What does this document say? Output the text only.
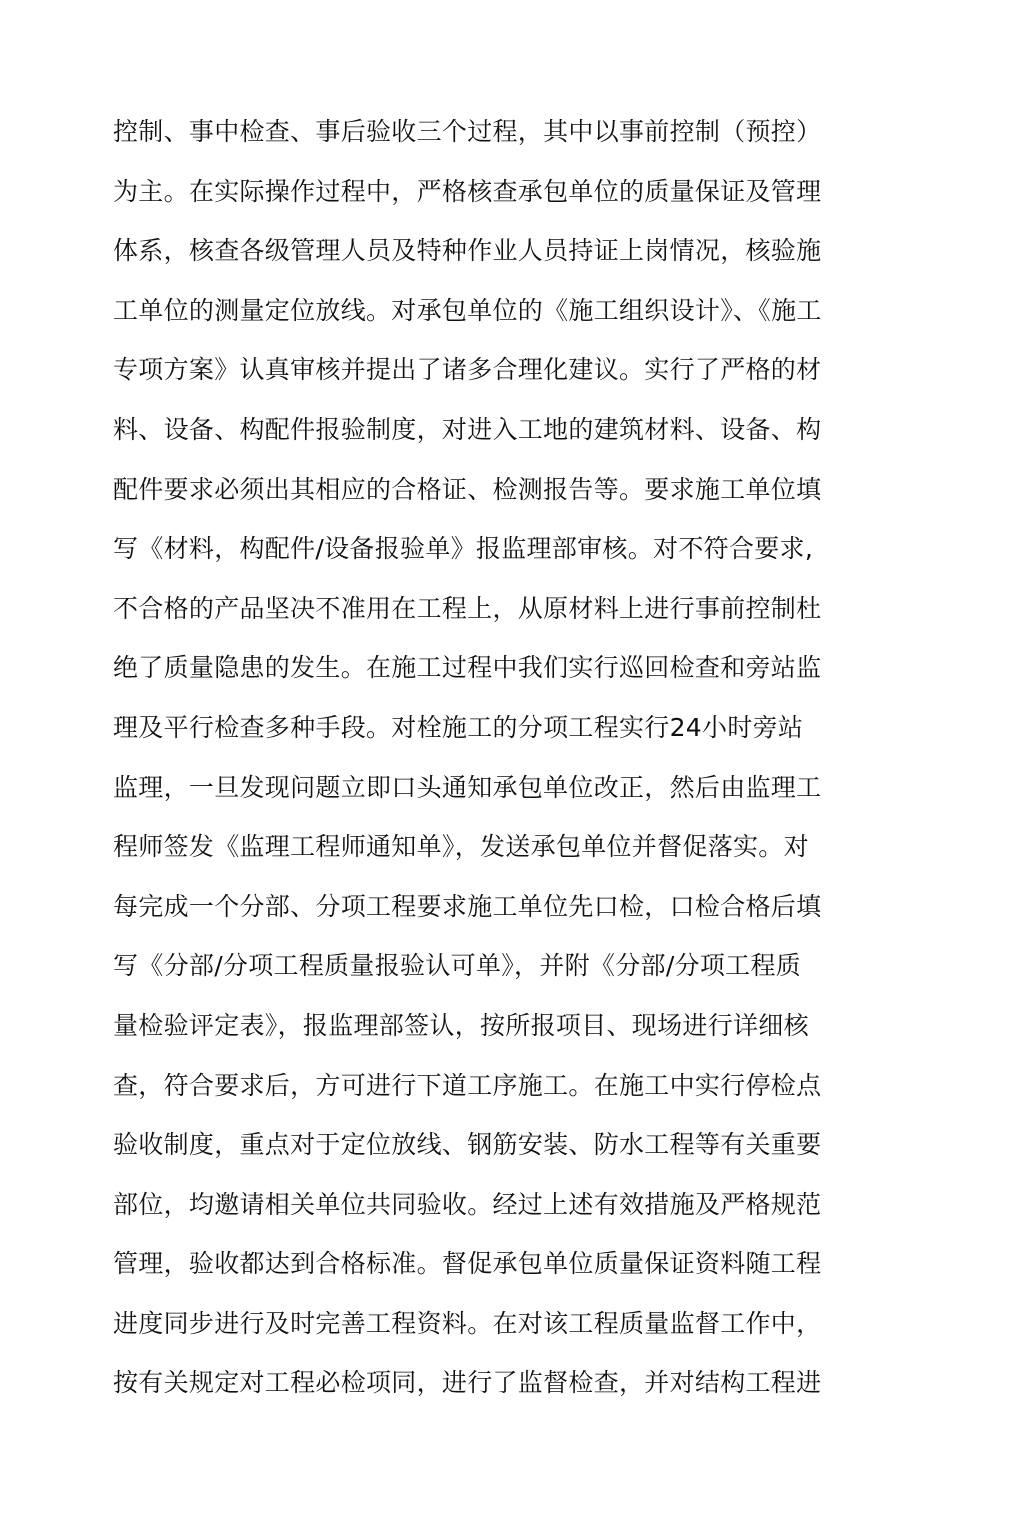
控制、事中检查、事后验收三个过程，其中以事前控制（预控）
为主。在实际操作过程中，严格核查承包单位的质量保证及管理
体系，核查各级管理人员及特种作业人员持证上岗情况，核验施
工单位的测量定位放线。对承包单位的《施工组织设计》、《施工
专项方案》认真审核并提出了诸多合理化建议。实行了严格的材
料、设备、构配件报验制度，对进入工地的建筑材料、设备、构
配件要求必须出其相应的合格证、检测报告等。要求施工单位填
写《材料，构配件/设备报验单》报监理部审核。对不符合要求,
不合格的产品坚决不准用在工程上，从原材料上进行事前控制杜
绝了质量隐患的发生。在施工过程中我们实行巡回检查和旁站监
理及平行检查多种手段。对栓施工的分项工程实行24小时旁站
监理，一旦发现问题立即口头通知承包单位改正，然后由监理工
程师签发《监理工程师通知单》，发送承包单位并督促落实。对
每完成一个分部、分项工程要求施工单位先口检，口检合格后填
写《分部/分项工程质量报验认可单》，并附《分部/分项工程质
量检验评定表》，报监理部签认，按所报项目、现场进行详细核
查，符合要求后，方可进行下道工序施工。在施工中实行停检点
验收制度，重点对于定位放线、钢筋安装、防水工程等有关重要
部位，均邀请相关单位共同验收。经过上述有效措施及严格规范
管理，验收都达到合格标准。督促承包单位质量保证资料随工程
进度同步进行及时完善工程资料。在对该工程质量监督工作中，
按有关规定对工程必检项同，进行了监督检查，并对结构工程进
